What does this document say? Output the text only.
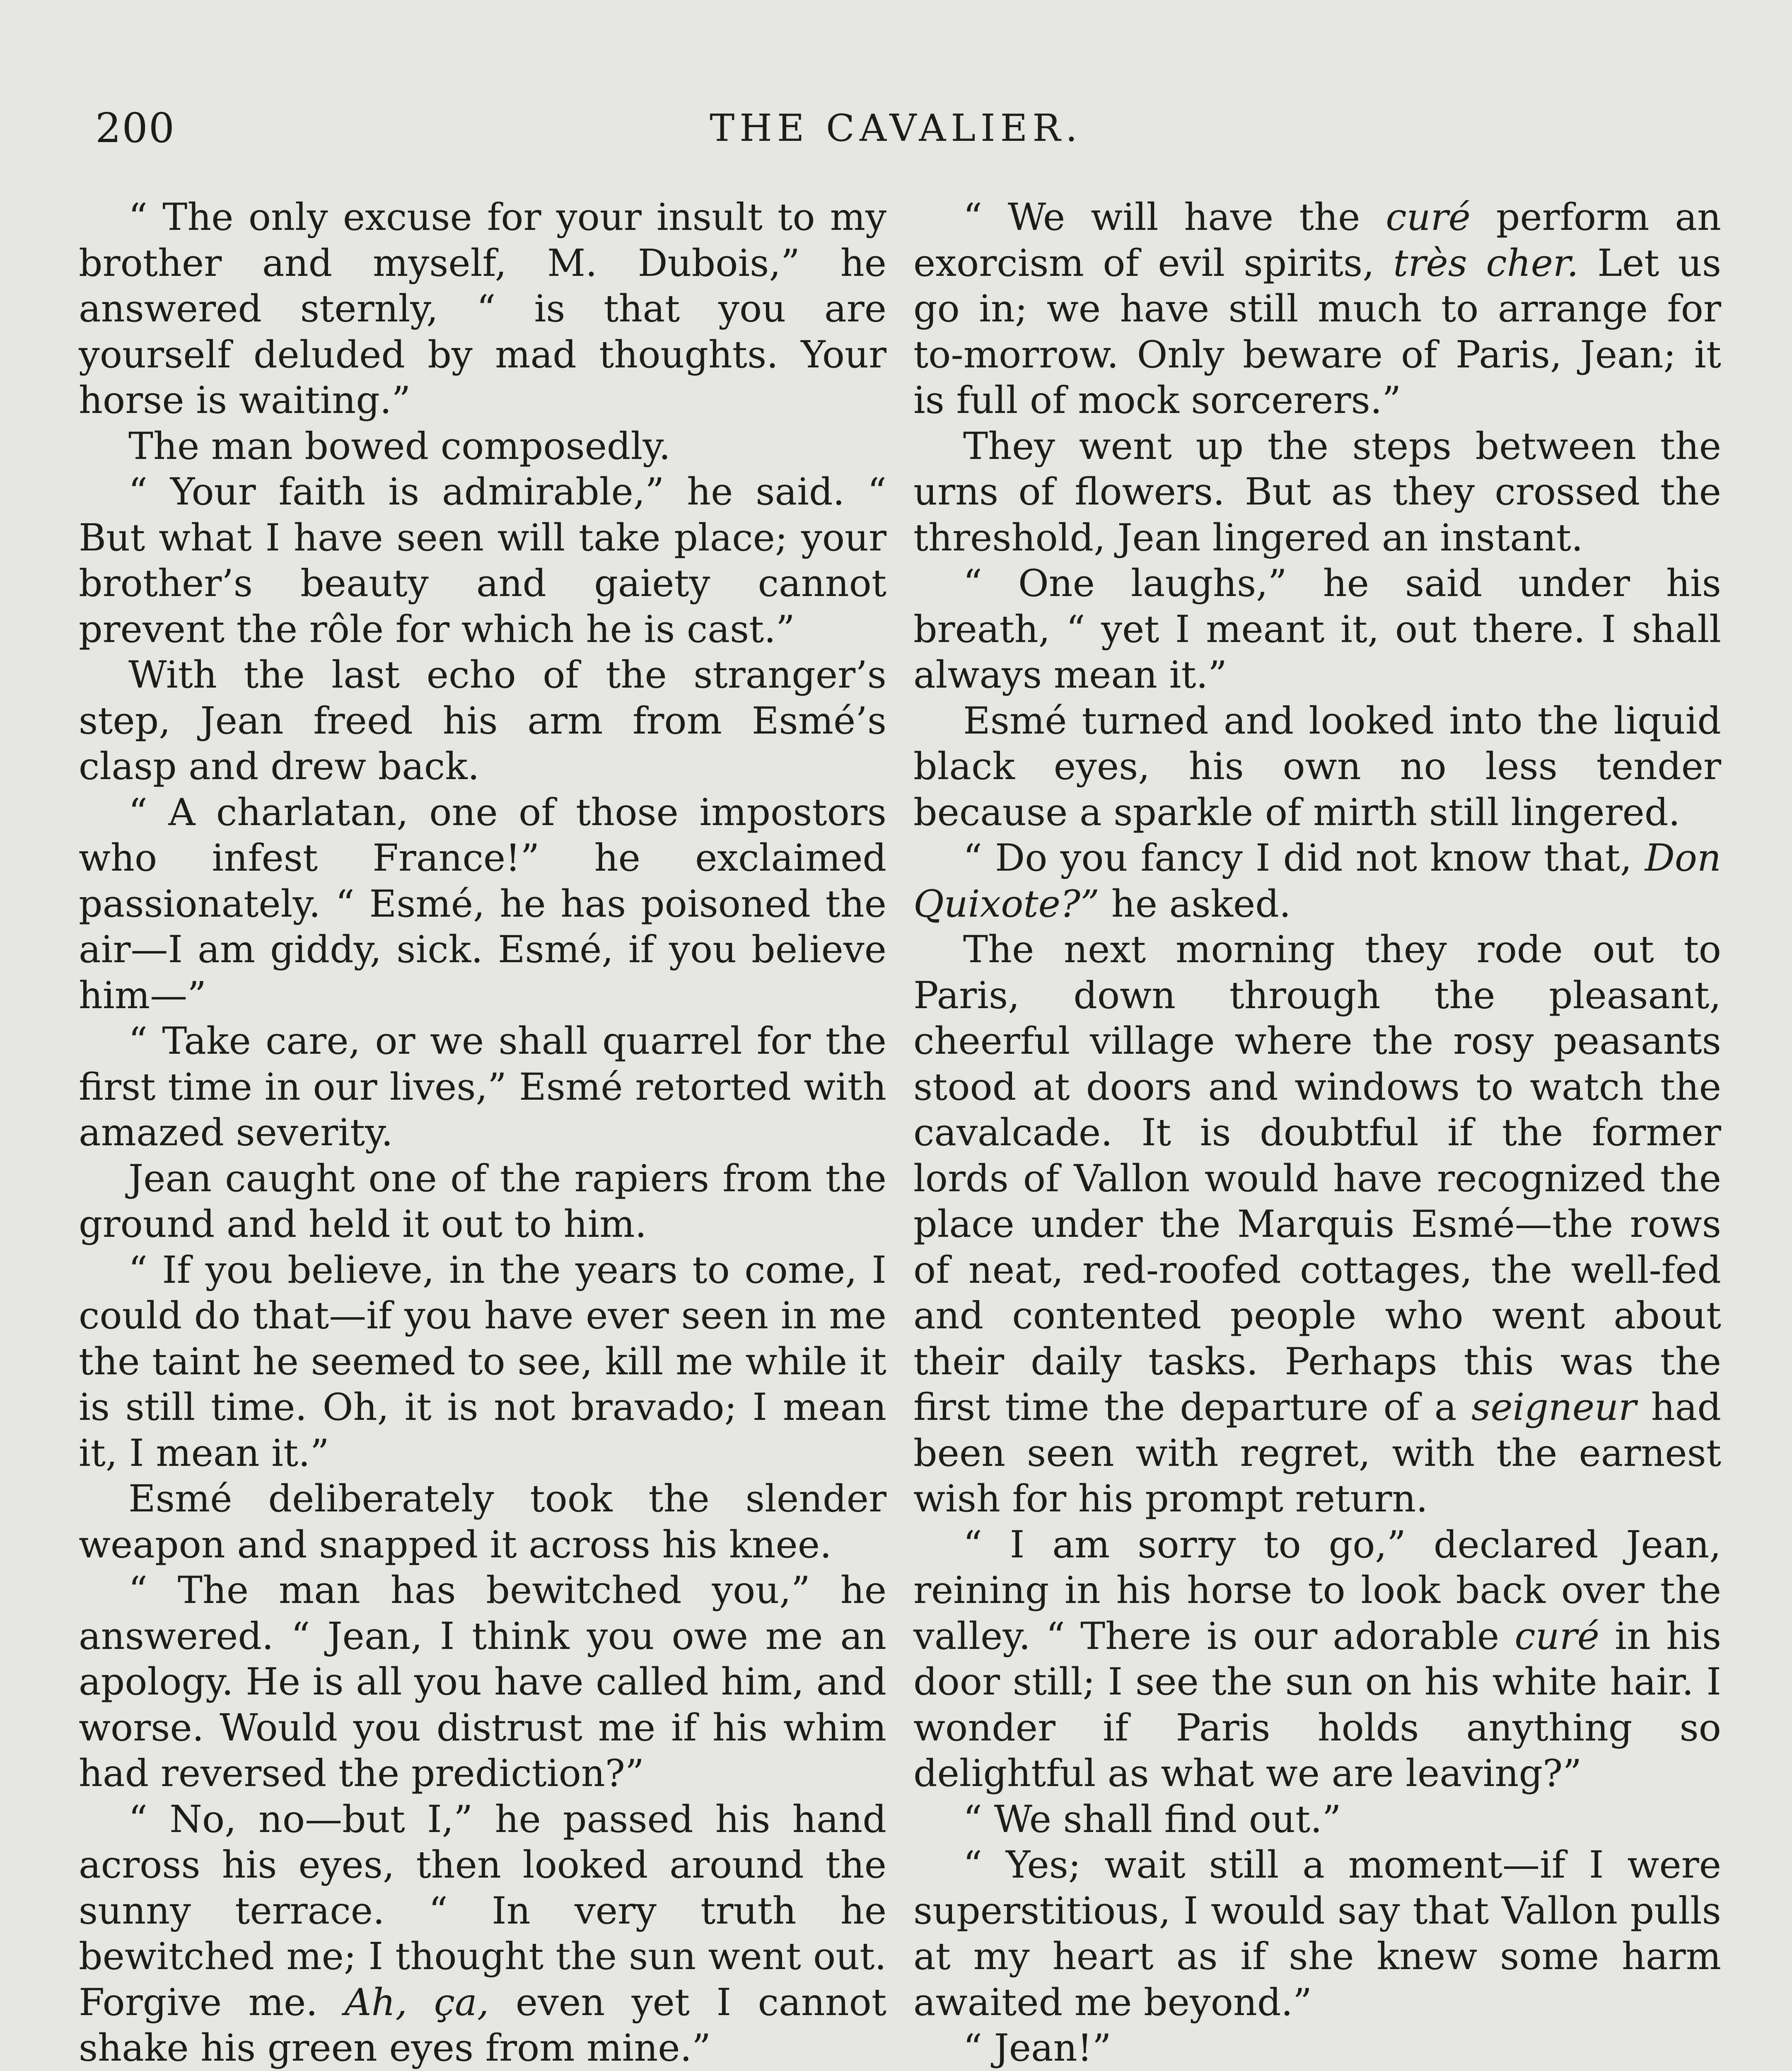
200	THE CAVALIER.

“ The only excuse for your insult to my brother and myself, M. Dubois,” he answered sternly, “ is that you are yourself deluded by mad thoughts. Your horse is waiting.”

The man bowed composedly.

“ Your faith is admirable,” he said. “ But what I have seen will take place; your brother’s beauty and gaiety cannot prevent the rôle for which he is cast.”

With the last echo of the stranger’s step, Jean freed his arm from Esmé’s clasp and drew back.

“ A charlatan, one of those impostors who infest France!” he exclaimed passionately. “ Esmé, he has poisoned the air—I am giddy, sick. Esmé, if you believe him—”

“ Take care, or we shall quarrel for the first time in our lives,” Esmé retorted with amazed severity.

Jean caught one of the rapiers from the ground and held it out to him.

“ If you believe, in the years to come, I could do that—if you have ever seen in me the taint he seemed to see, kill me while it is still time. Oh, it is not bravado; I mean it, I mean it.”

Esmé deliberately took the slender weapon and snapped it across his knee.

“ The man has bewitched you,” he answered. “ Jean, I think you owe me an apology. He is all you have called him, and worse. Would you distrust me if his whim had reversed the prediction?”

“ No, no—but I,” he passed his hand across his eyes, then looked around the sunny terrace. “ In very truth he bewitched me; I thought the sun went out. Forgive me. Ah, ça, even yet I cannot shake his green eyes from mine.”

“ We will have the curé perform an exorcism of evil spirits, très cher. Let us go in; we have still much to arrange for to-morrow. Only beware of Paris, Jean; it is full of mock sorcerers.”

They went up the steps between the urns of flowers. But as they crossed the threshold, Jean lingered an instant.

“ One laughs,” he said under his breath, “ yet I meant it, out there. I shall always mean it.”

Esmé turned and looked into the liquid black eyes, his own no less tender because a sparkle of mirth still lingered.

“ Do you fancy I did not know that, Don Quixote?” he asked.

The next morning they rode out to Paris, down through the pleasant, cheerful village where the rosy peasants stood at doors and windows to watch the cavalcade. It is doubtful if the former lords of Vallon would have recognized the place under the Marquis Esmé—the rows of neat, red-roofed cottages, the well-fed and contented people who went about their daily tasks. Perhaps this was the first time the departure of a seigneur had been seen with regret, with the earnest wish for his prompt return.

“ I am sorry to go,” declared Jean, reining in his horse to look back over the valley. “ There is our adorable curé in his door still; I see the sun on his white hair. I wonder if Paris holds anything so delightful as what we are leaving?”

“ We shall find out.”

“ Yes; wait still a moment—if I were superstitious, I would say that Vallon pulls at my heart as if she knew some harm awaited me beyond.”

“ Jean!”
